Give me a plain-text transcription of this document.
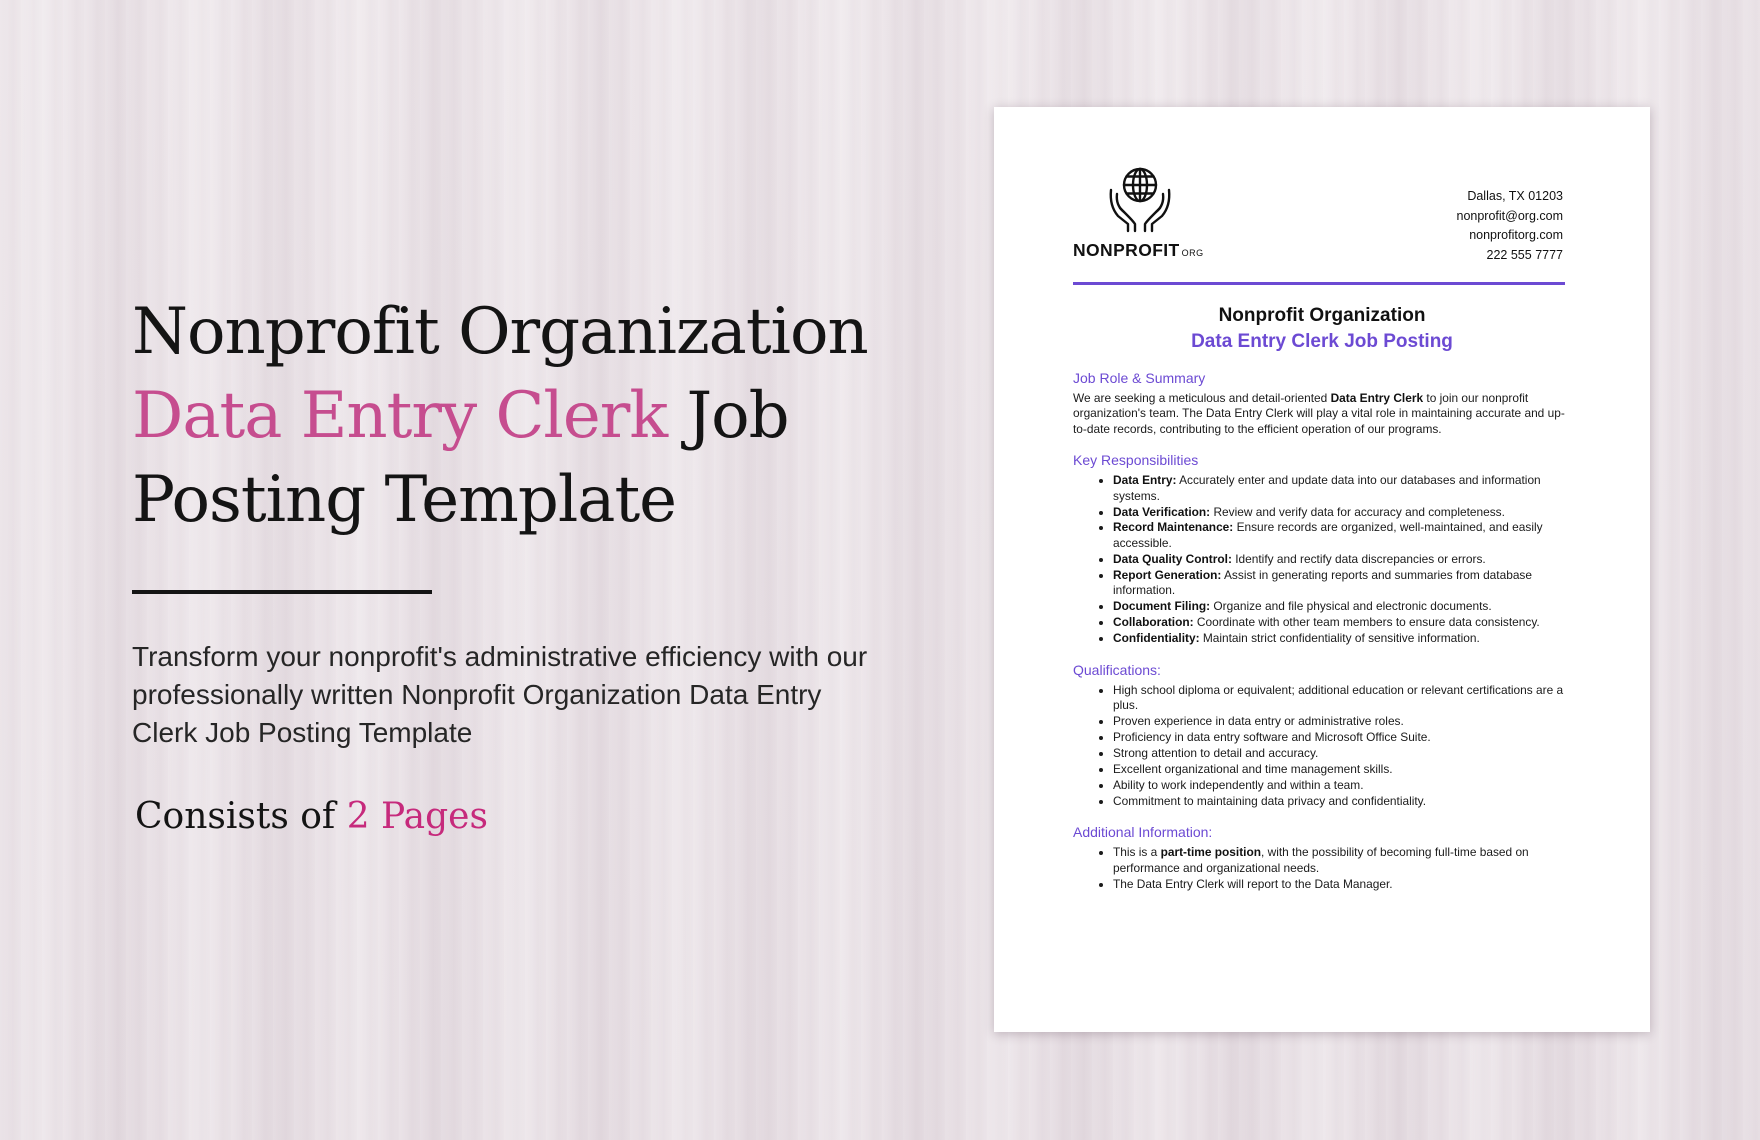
Nonprofit Organization
Data Entry Clerk Job
Posting Template
Transform your nonprofit's administrative efficiency with our professionally written Nonprofit Organization Data Entry Clerk Job Posting Template
Consists of 2 Pages
NONPROFIT ORG
Dallas, TX 01203
nonprofit@org.com
nonprofitorg.com
222 555 7777
Nonprofit Organization
Data Entry Clerk Job Posting
Job Role & Summary

We are seeking a meticulous and detail-oriented Data Entry Clerk to join our nonprofit organization's team. The Data Entry Clerk will play a vital role in maintaining accurate and up-to-date records, contributing to the efficient operation of our programs.

Key Responsibilities
• Data Entry: Accurately enter and update data into our databases and information systems.
• Data Verification: Review and verify data for accuracy and completeness.
• Record Maintenance: Ensure records are organized, well-maintained, and easily accessible.
• Data Quality Control: Identify and rectify data discrepancies or errors.
• Report Generation: Assist in generating reports and summaries from database information.
• Document Filing: Organize and file physical and electronic documents.
• Collaboration: Coordinate with other team members to ensure data consistency.
• Confidentiality: Maintain strict confidentiality of sensitive information.
Qualifications:
• High school diploma or equivalent; additional education or relevant certifications are a plus.
• Proven experience in data entry or administrative roles.
• Proficiency in data entry software and Microsoft Office Suite.
• Strong attention to detail and accuracy.
• Excellent organizational and time management skills.
• Ability to work independently and within a team.
• Commitment to maintaining data privacy and confidentiality.
Additional Information:
• This is a part-time position, with the possibility of becoming full-time based on performance and organizational needs.
• The Data Entry Clerk will report to the Data Manager.
